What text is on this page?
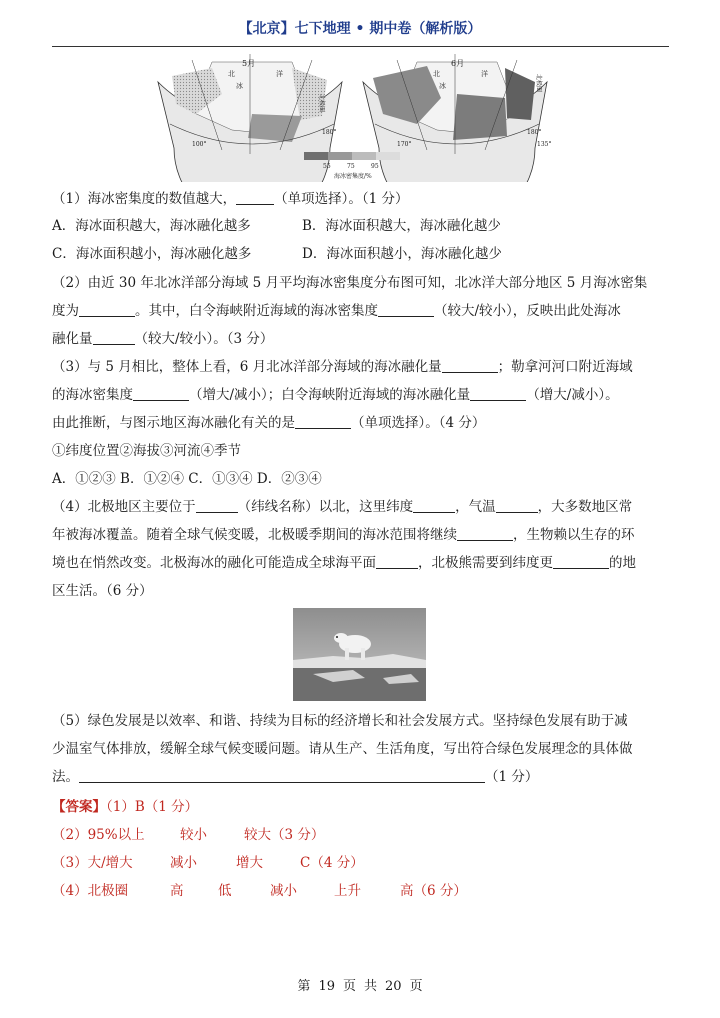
【北京】七下地理 • 期中卷（解析版）
5月
北
冰
洋
北极圈
180°
100°
6月
北
冰
洋	北极圈
180°
135°
170°
55	75	95
海冰密集度/%
（1）海冰密集度的数值越大，	（单项选择）。（1 分）
A．海冰面积越大，海冰融化越多	B．海冰面积越大，海冰融化越少
C．海冰面积越小，海冰融化越多	D．海冰面积越小，海冰融化越少
（2）由近 30 年北冰洋部分海域 5 月平均海冰密集度分布图可知，北冰洋大部分地区 5 月海冰密集
度为	。其中，白令海峡附近海域的海冰密集度	（较大/较小），反映出此处海冰
融化量	（较大/较小）。（3 分）
（3）与 5 月相比，整体上看，6 月北冰洋部分海域的海冰融化量	；勒拿河河口附近海域
的海冰密集度	（增大/减小）；白令海峡附近海域的海冰融化量	（增大/减小）。
由此推断，与图示地区海冰融化有关的是	（单项选择）。（4 分）
①纬度位置②海拔③河流④季节
A．①②③ B．①②④ C．①③④ D．②③④
（4）北极地区主要位于	（纬线名称）以北，这里纬度	，气温	，大多数地区常
年被海冰覆盖。随着全球气候变暖，北极暖季期间的海冰范围将继续	，生物赖以生存的环
境也在悄然改变。北极海冰的融化可能造成全球海平面	，北极熊需要到纬度更	的地
区生活。（6 分）
（5）绿色发展是以效率、和谐、持续为目标的经济增长和社会发展方式。坚持绿色发展有助于减
少温室气体排放，缓解全球气候变暖问题。请从生产、生活角度，写出符合绿色发展理念的具体做
法。	（1 分）
【答案】（1）B（1 分）
（2）95%以上	较小	较大（3 分）
（3）大/增大	减小	增大	C（4 分）
（4）北极圈	高	低	减小	上升	高（6 分）
第 19 页 共 20 页
